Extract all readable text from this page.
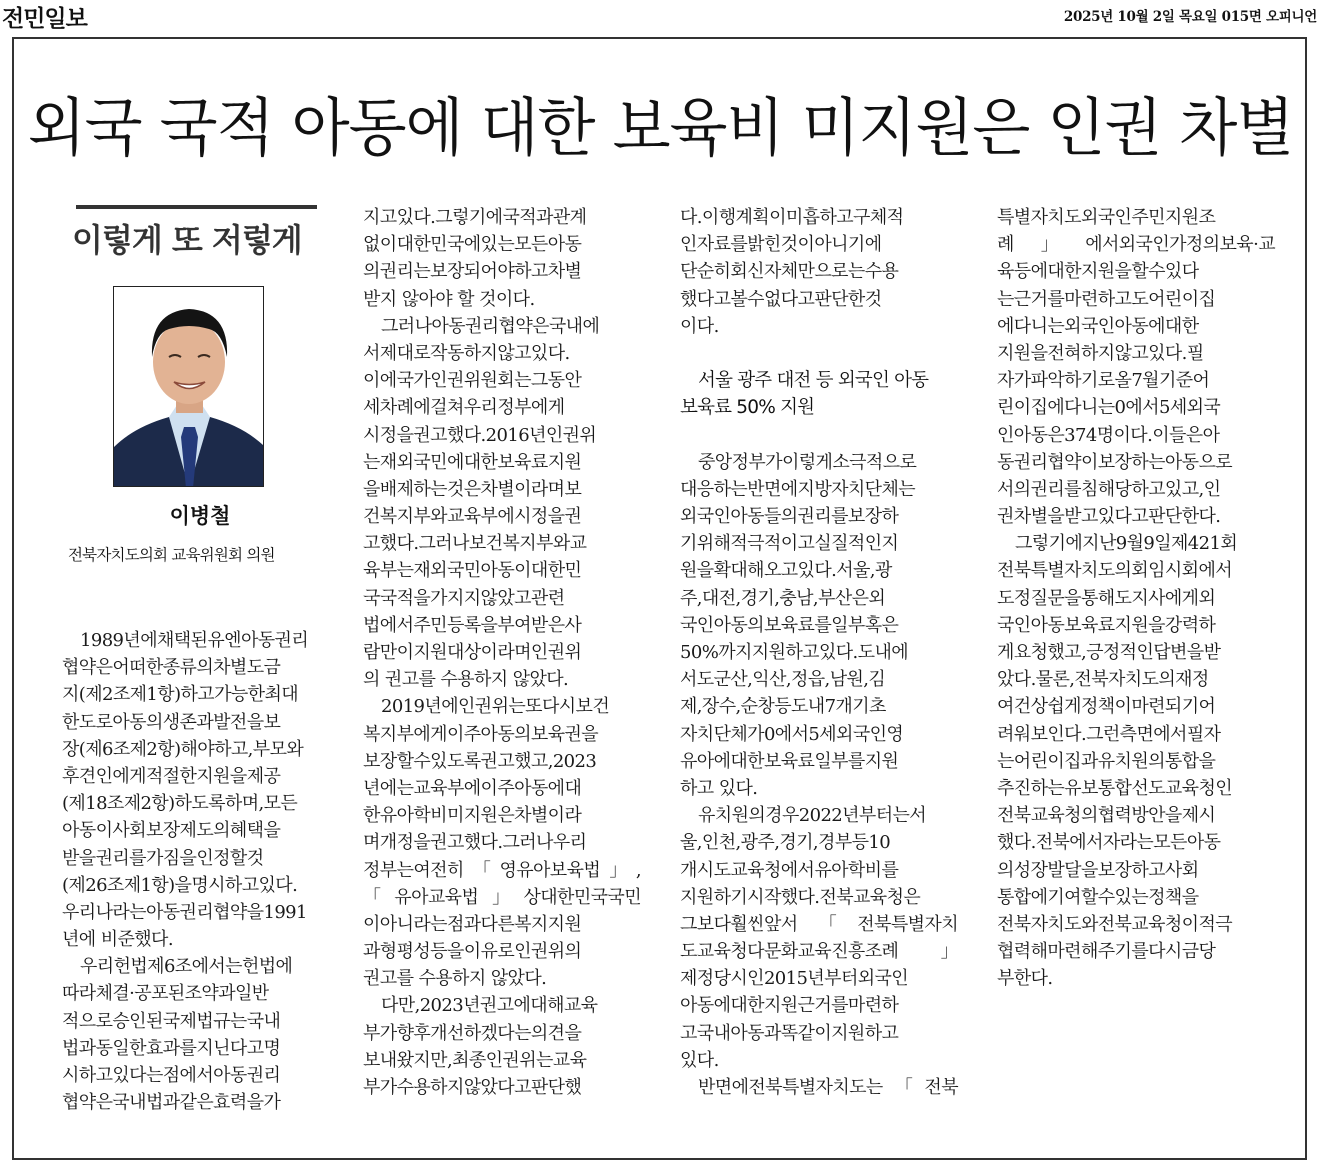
전민일보	2025년 10월 2일 목요일 015면 오피니언
외국 국적 아동에 대한 보육비 미지원은 인권 차별
이렇게 또 저렇게
이병철
전북자치도의회 교육위원회 의원
1989년에채택된유엔아동권리
협약은어떠한종류의차별도금
지(제2조제1항)하고가능한최대
한도로아동의생존과발전을보
장(제6조제2항)해야하고,부모와
후견인에게적절한지원을제공
(제18조제2항)하도록하며,모든
아동이사회보장제도의혜택을
받을권리를가짐을인정할것
(제26조제1항)을명시하고있다.
우리나라는아동권리협약을1991
년에 비준했다.
우리헌법제6조에서는헌법에
따라체결·공포된조약과일반
적으로승인된국제법규는국내
법과동일한효과를지닌다고명
시하고있다는점에서아동권리
협약은국내법과같은효력을가
지고있다.그렇기에국적과관계
없이대한민국에있는모든아동
의권리는보장되어야하고차별
받지 않아야 할 것이다.
그러나아동권리협약은국내에
서제대로작동하지않고있다.
이에국가인권위원회는그동안
세차례에걸쳐우리정부에게
시정을권고했다.2016년인권위
는재외국민에대한보육료지원
을배제하는것은차별이라며보
건복지부와교육부에시정을권
고했다.그러나보건복지부와교
육부는재외국민아동이대한민
국국적을가지지않았고관련
법에서주민등록을부여받은사
람만이지원대상이라며인권위
의 권고를 수용하지 않았다.
2019년에인권위는또다시보건
복지부에게이주아동의보육권을
보장할수있도록권고했고,2023
년에는교육부에이주아동에대
한유아학비미지원은차별이라
며개정을권고했다.그러나우리
정부는여전히「영유아보육법」,
「유아교육법」상대한민국국민
이아니라는점과다른복지지원
과형평성등을이유로인권위의
권고를 수용하지 않았다.
다만,2023년권고에대해교육
부가향후개선하겠다는의견을
보내왔지만,최종인권위는교육
부가수용하지않았다고판단했
다.이행계획이미흡하고구체적
인자료를밝힌것이아니기에
단순히회신자체만으로는수용
했다고볼수없다고판단한것
이다.
서울 광주 대전 등 외국인 아동
보육료 50% 지원
중앙정부가이렇게소극적으로
대응하는반면에지방자치단체는
외국인아동들의권리를보장하
기위해적극적이고실질적인지
원을확대해오고있다.서울,광
주,대전,경기,충남,부산은외
국인아동의보육료를일부혹은
50%까지지원하고있다.도내에
서도군산,익산,정읍,남원,김
제,장수,순창등도내7개기초
자치단체가0에서5세외국인영
유아에대한보육료일부를지원
하고 있다.
유치원의경우2022년부터는서
울,인천,광주,경기,경부등10
개시도교육청에서유아학비를
지원하기시작했다.전북교육청은
그보다훨씬앞서「전북특별자치
도교육청다문화교육진흥조례」
제정당시인2015년부터외국인
아동에대한지원근거를마련하
고국내아동과똑같이지원하고
있다.
반면에전북특별자치도는「전북
특별자치도외국인주민지원조
례」에서외국인가정의보육·교
육등에대한지원을할수있다
는근거를마련하고도어린이집
에다니는외국인아동에대한
지원을전혀하지않고있다.필
자가파악하기로올7월기준어
린이집에다니는0에서5세외국
인아동은374명이다.이들은아
동권리협약이보장하는아동으로
서의권리를침해당하고있고,인
권차별을받고있다고판단한다.
그렇기에지난9월9일제421회
전북특별자치도의회임시회에서
도정질문을통해도지사에게외
국인아동보육료지원을강력하
게요청했고,긍정적인답변을받
았다.물론,전북자치도의재정
여건상쉽게정책이마련되기어
려워보인다.그런측면에서필자
는어린이집과유치원의통합을
추진하는유보통합선도교육청인
전북교육청의협력방안을제시
했다.전북에서자라는모든아동
의성장발달을보장하고사회
통합에기여할수있는정책을
전북자치도와전북교육청이적극
협력해마련해주기를다시금당
부한다.
